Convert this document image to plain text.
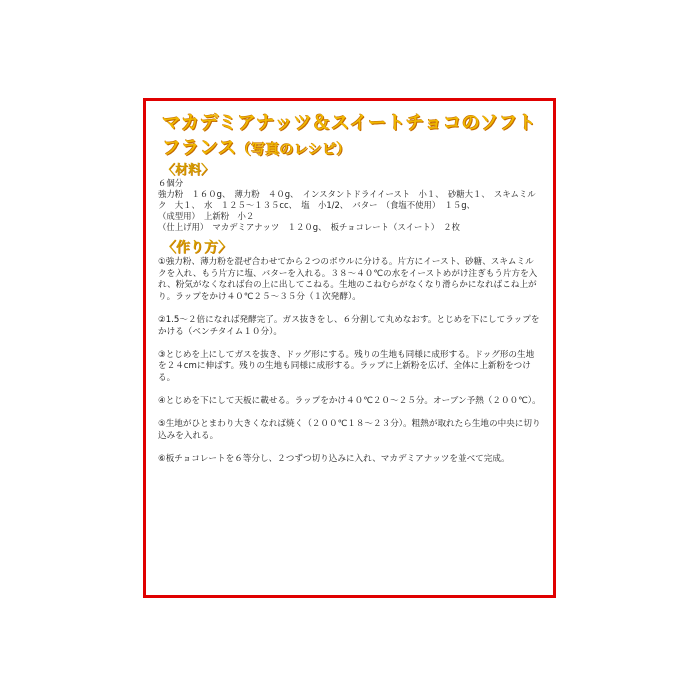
マカデミアナッツ＆スイートチョコのソフトフランス（写真のレシピ）
〈材料〉

６個分

強力粉　１６０g、　薄力粉　４０g、　インスタントドライイースト　小１、　砂糖大１、　スキムミルク　大１、　水　１２５～１３５cc、　塩　小1/2、　バター　（食塩不使用）　１５g、

（成型用）　上新粉　小２

（仕上げ用）　マカデミアナッツ　１２０g、　板チョコレート（スイート）　２枚

〈作り方〉

①強力粉、薄力粉を混ぜ合わせてから２つのボウルに分ける。片方にイースト、砂糖、スキムミルクを入れ、もう片方に塩、バターを入れる。３８～４０℃の水をイーストめがけ注ぎもう片方を入れ、粉気がなくなれば台の上に出してこねる。生地のこねむらがなくなり滑らかになればこね上がり。ラップをかけ４０℃２５～３５分（１次発酵）。

②1.5～２倍になれば発酵完了。ガス抜きをし、６分割して丸めなおす。とじめを下にしてラップをかける（ベンチタイム１０分）。

③とじめを上にしてガスを抜き、ドッグ形にする。残りの生地も同様に成形する。ドッグ形の生地を２４cmに伸ばす。残りの生地も同様に成形する。ラップに上新粉を広げ、全体に上新粉をつける。

④とじめを下にして天板に載せる。ラップをかけ４０℃２０～２５分。オーブン予熱（２００℃）。

⑤生地がひとまわり大きくなれば焼く（２００℃１８～２３分）。粗熱が取れたら生地の中央に切り込みを入れる。

⑥板チョコレートを６等分し、２つずつ切り込みに入れ、マカデミアナッツを並べて完成。
